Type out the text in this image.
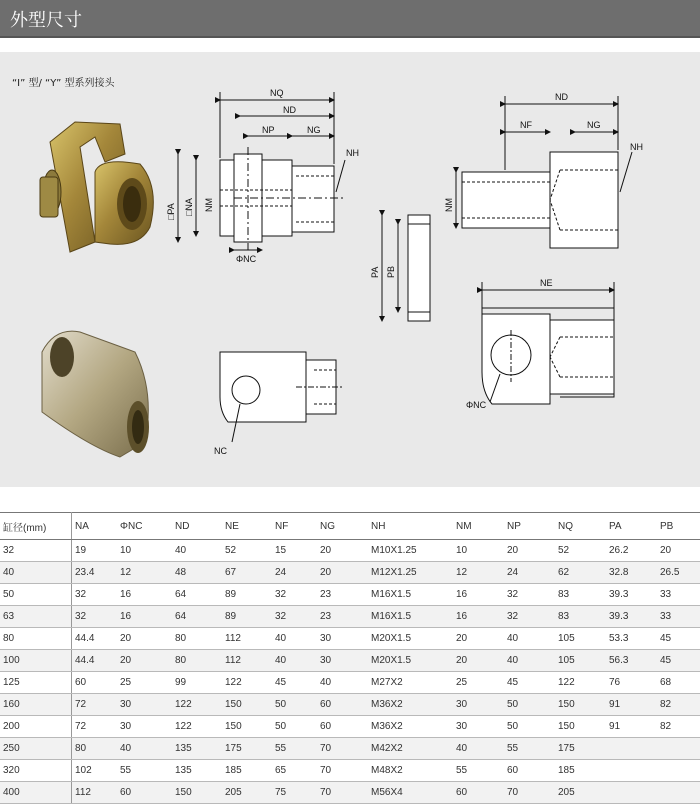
外型尺寸
“I” 型/ “Y” 型系列接头
NQ
ND
NP	NG
NH
□PA □NA NM
ΦNC
ND
NF	NG
NH
NM
PA PB
NE
ΦNC
NC
缸径(mm)	NA	ΦNC	ND	NE	NF	NG	NH	NM	NP	NQ	PA	PB
32	19	10	40	52	15	20	M10X1.25	10	20	52	26.2	20
40	23.4	12	48	67	24	20	M12X1.25	12	24	62	32.8	26.5
50	32	16	64	89	32	23	M16X1.5	16	32	83	39.3	33
63	32	16	64	89	32	23	M16X1.5	16	32	83	39.3	33
80	44.4	20	80	112	40	30	M20X1.5	20	40	105	53.3	45
100	44.4	20	80	112	40	30	M20X1.5	20	40	105	56.3	45
125	60	25	99	122	45	40	M27X2	25	45	122	76	68
160	72	30	122	150	50	60	M36X2	30	50	150	91	82
200	72	30	122	150	50	60	M36X2	30	50	150	91	82
250	80	40	135	175	55	70	M42X2	40	55	175		
320	102	55	135	185	65	70	M48X2	55	60	185		
400	112	60	150	205	75	70	M56X4	60	70	205		
